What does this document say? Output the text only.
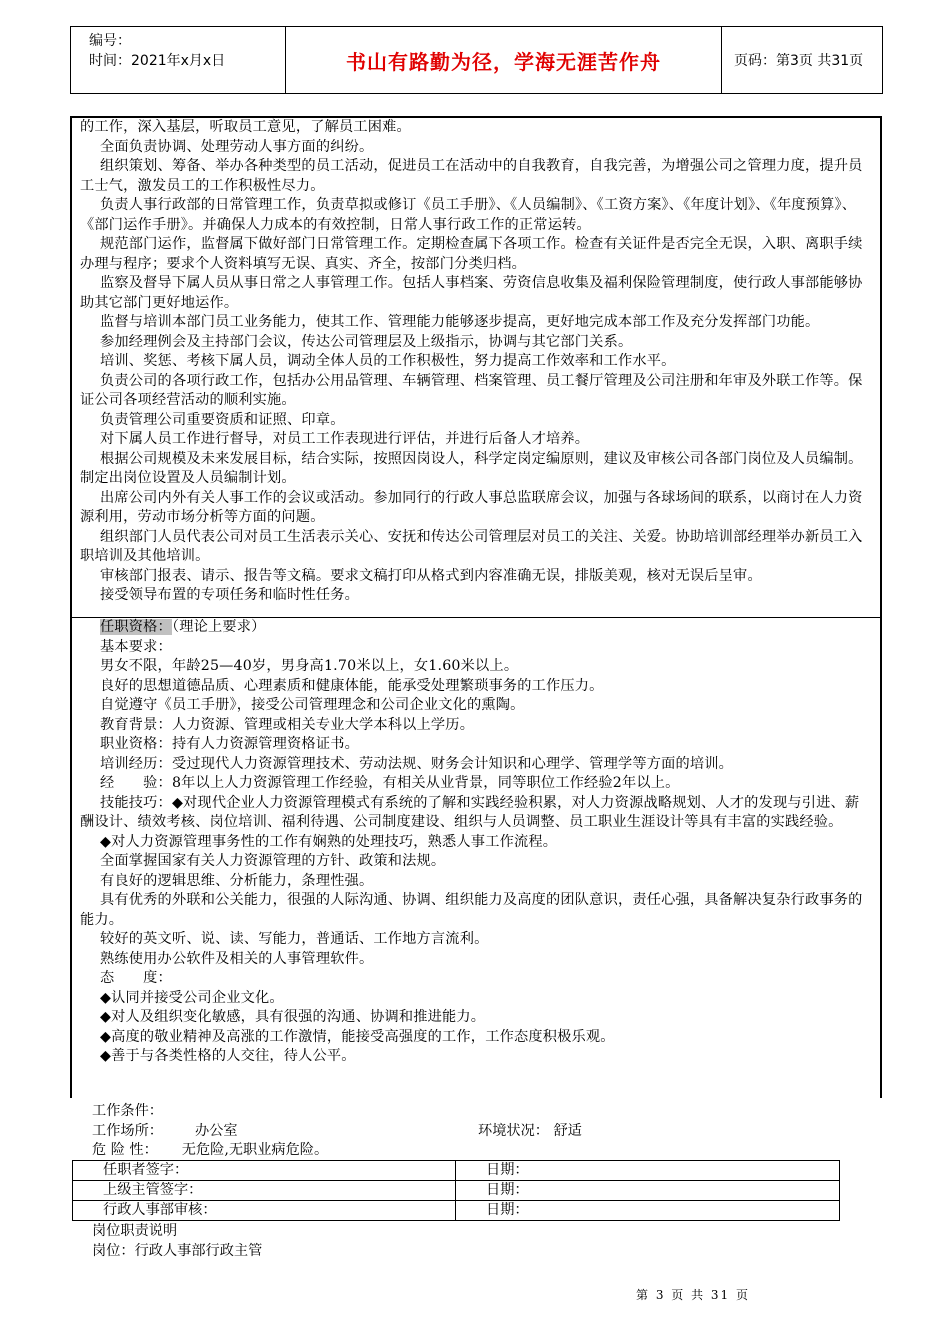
编号：
时间：2021年x月x日	书山有路勤为径，学海无涯苦作舟	页码：第3页 共31页

的工作，深入基层，听取员工意见，了解员工困难。

全面负责协调、处理劳动人事方面的纠纷。

组织策划、筹备、举办各种类型的员工活动，促进员工在活动中的自我教育，自我完善，为增强公司之管理力度，提升员工士气，激发员工的工作积极性尽力。

负责人事行政部的日常管理工作，负责草拟或修订《员工手册》、《人员编制》、《工资方案》、《年度计划》、《年度预算》、《部门运作手册》。并确保人力成本的有效控制，日常人事行政工作的正常运转。

规范部门运作，监督属下做好部门日常管理工作。定期检查属下各项工作。检查有关证件是否完全无误，入职、离职手续办理与程序；要求个人资料填写无误、真实、齐全，按部门分类归档。

监察及督导下属人员从事日常之人事管理工作。包括人事档案、劳资信息收集及福利保险管理制度，使行政人事部能够协助其它部门更好地运作。

监督与培训本部门员工业务能力，使其工作、管理能力能够逐步提高，更好地完成本部工作及充分发挥部门功能。

参加经理例会及主持部门会议，传达公司管理层及上级指示，协调与其它部门关系。

培训、奖惩、考核下属人员，调动全体人员的工作积极性，努力提高工作效率和工作水平。

负责公司的各项行政工作，包括办公用品管理、车辆管理、档案管理、员工餐厅管理及公司注册和年审及外联工作等。保证公司各项经营活动的顺利实施。

负责管理公司重要资质和证照、印章。

对下属人员工作进行督导，对员工工作表现进行评估，并进行后备人才培养。

根据公司规模及未来发展目标，结合实际，按照因岗设人，科学定岗定编原则，建议及审核公司各部门岗位及人员编制。制定出岗位设置及人员编制计划。

出席公司内外有关人事工作的会议或活动。参加同行的行政人事总监联席会议，加强与各球场间的联系，以商讨在人力资源利用，劳动市场分析等方面的问题。

组织部门人员代表公司对员工生活表示关心、安抚和传达公司管理层对员工的关注、关爱。协助培训部经理举办新员工入职培训及其他培训。

审核部门报表、请示、报告等文稿。要求文稿打印从格式到内容准确无误，排版美观，核对无误后呈审。

接受领导布置的专项任务和临时性任务。

任职资格：（理论上要求）

基本要求：

男女不限，年龄25—40岁，男身高1.70米以上，女1.60米以上。

良好的思想道德品质、心理素质和健康体能，能承受处理繁琐事务的工作压力。

自觉遵守《员工手册》，接受公司管理理念和公司企业文化的熏陶。

教育背景：人力资源、管理或相关专业大学本科以上学历。

职业资格：持有人力资源管理资格证书。

培训经历：受过现代人力资源管理技术、劳动法规、财务会计知识和心理学、管理学等方面的培训。

经　　验：8年以上人力资源管理工作经验，有相关从业背景，同等职位工作经验2年以上。

技能技巧：◆对现代企业人力资源管理模式有系统的了解和实践经验积累，对人力资源战略规划、人才的发现与引进、薪酬设计、绩效考核、岗位培训、福利待遇、公司制度建设、组织与人员调整、员工职业生涯设计等具有丰富的实践经验。

◆对人力资源管理事务性的工作有娴熟的处理技巧，熟悉人事工作流程。

全面掌握国家有关人力资源管理的方针、政策和法规。

有良好的逻辑思维、分析能力，条理性强。

具有优秀的外联和公关能力，很强的人际沟通、协调、组织能力及高度的团队意识，责任心强，具备解决复杂行政事务的能力。

较好的英文听、说、读、写能力，普通话、工作地方言流利。

熟练使用办公软件及相关的人事管理软件。

态　　度：

◆认同并接受公司企业文化。

◆对人及组织变化敏感，具有很强的沟通、协调和推进能力。

◆高度的敬业精神及高涨的工作激情，能接受高强度的工作，工作态度积极乐观。

◆善于与各类性格的人交往，待人公平。

工作条件：
工作场所： 办公室	环境状况： 舒适
危 险 性： 无危险,无职业病危险。
任职者签字：	日期：
上级主管签字：	日期：
行政人事部审核：	日期：
岗位职责说明
岗位：行政人事部行政主管
第 3 页 共 31 页
